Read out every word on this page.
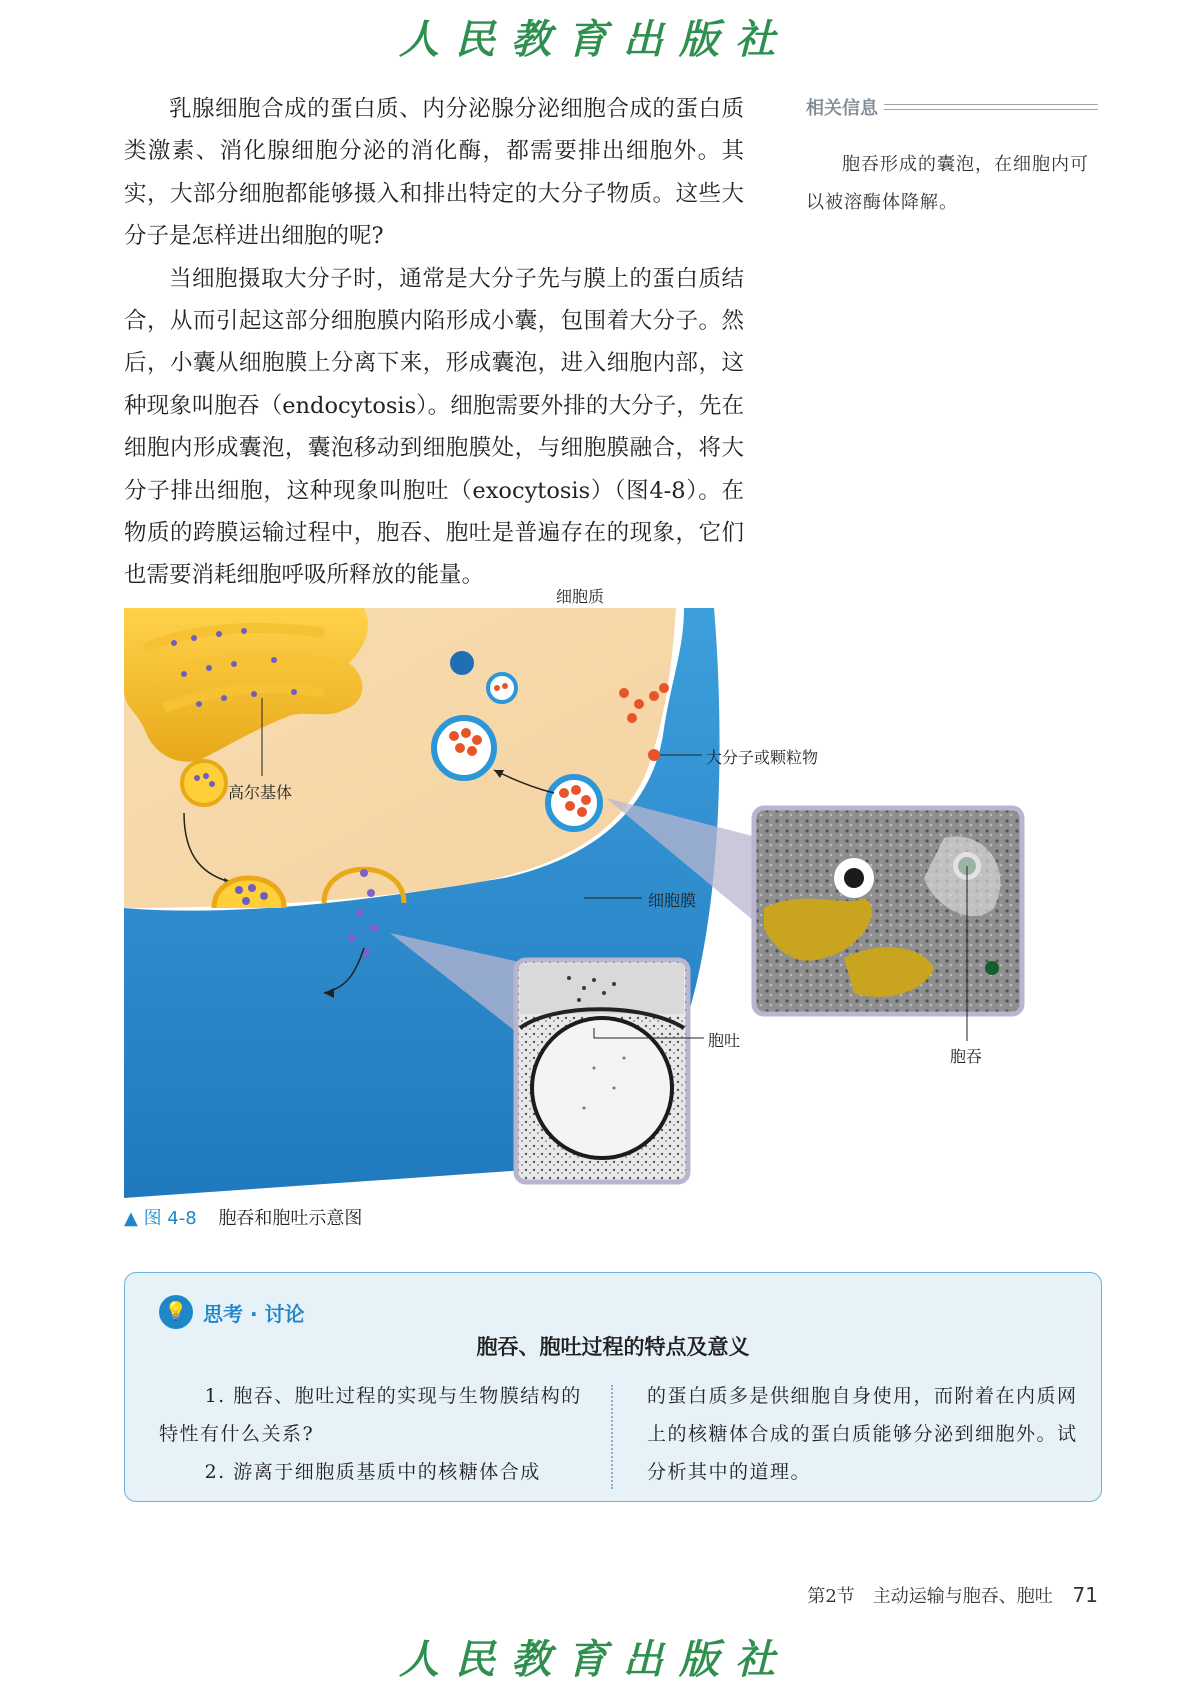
人民教育出版社

乳腺细胞合成的蛋白质、内分泌腺分泌细胞合成的蛋白质类激素、消化腺细胞分泌的消化酶，都需要排出细胞外。其实，大部分细胞都能够摄入和排出特定的大分子物质。这些大分子是怎样进出细胞的呢?

当细胞摄取大分子时，通常是大分子先与膜上的蛋白质结合，从而引起这部分细胞膜内陷形成小囊，包围着大分子。然后，小囊从细胞膜上分离下来，形成囊泡，进入细胞内部，这种现象叫胞吞（endocytosis）。细胞需要外排的大分子，先在细胞内形成囊泡，囊泡移动到细胞膜处，与细胞膜融合，将大分子排出细胞，这种现象叫胞吐（exocytosis）（图4-8）。在物质的跨膜运输过程中，胞吞、胞吐是普遍存在的现象，它们也需要消耗细胞呼吸所释放的能量。

相关信息
胞吞形成的囊泡，在细胞内可以被溶酶体降解。
细胞质
高尔基体
大分子或颗粒物
细胞膜
胞吐
胞吞
▲ 图 4-8 胞吞和胞吐示意图
💡 思考 · 讨论
胞吞、胞吐过程的特点及意义

1. 胞吞、胞吐过程的实现与生物膜结构的特性有什么关系?

2. 游离于细胞质基质中的核糖体合成

的蛋白质多是供细胞自身使用，而附着在内质网上的核糖体合成的蛋白质能够分泌到细胞外。试分析其中的道理。

第2节　主动运输与胞吞、胞吐 71
人民教育出版社
